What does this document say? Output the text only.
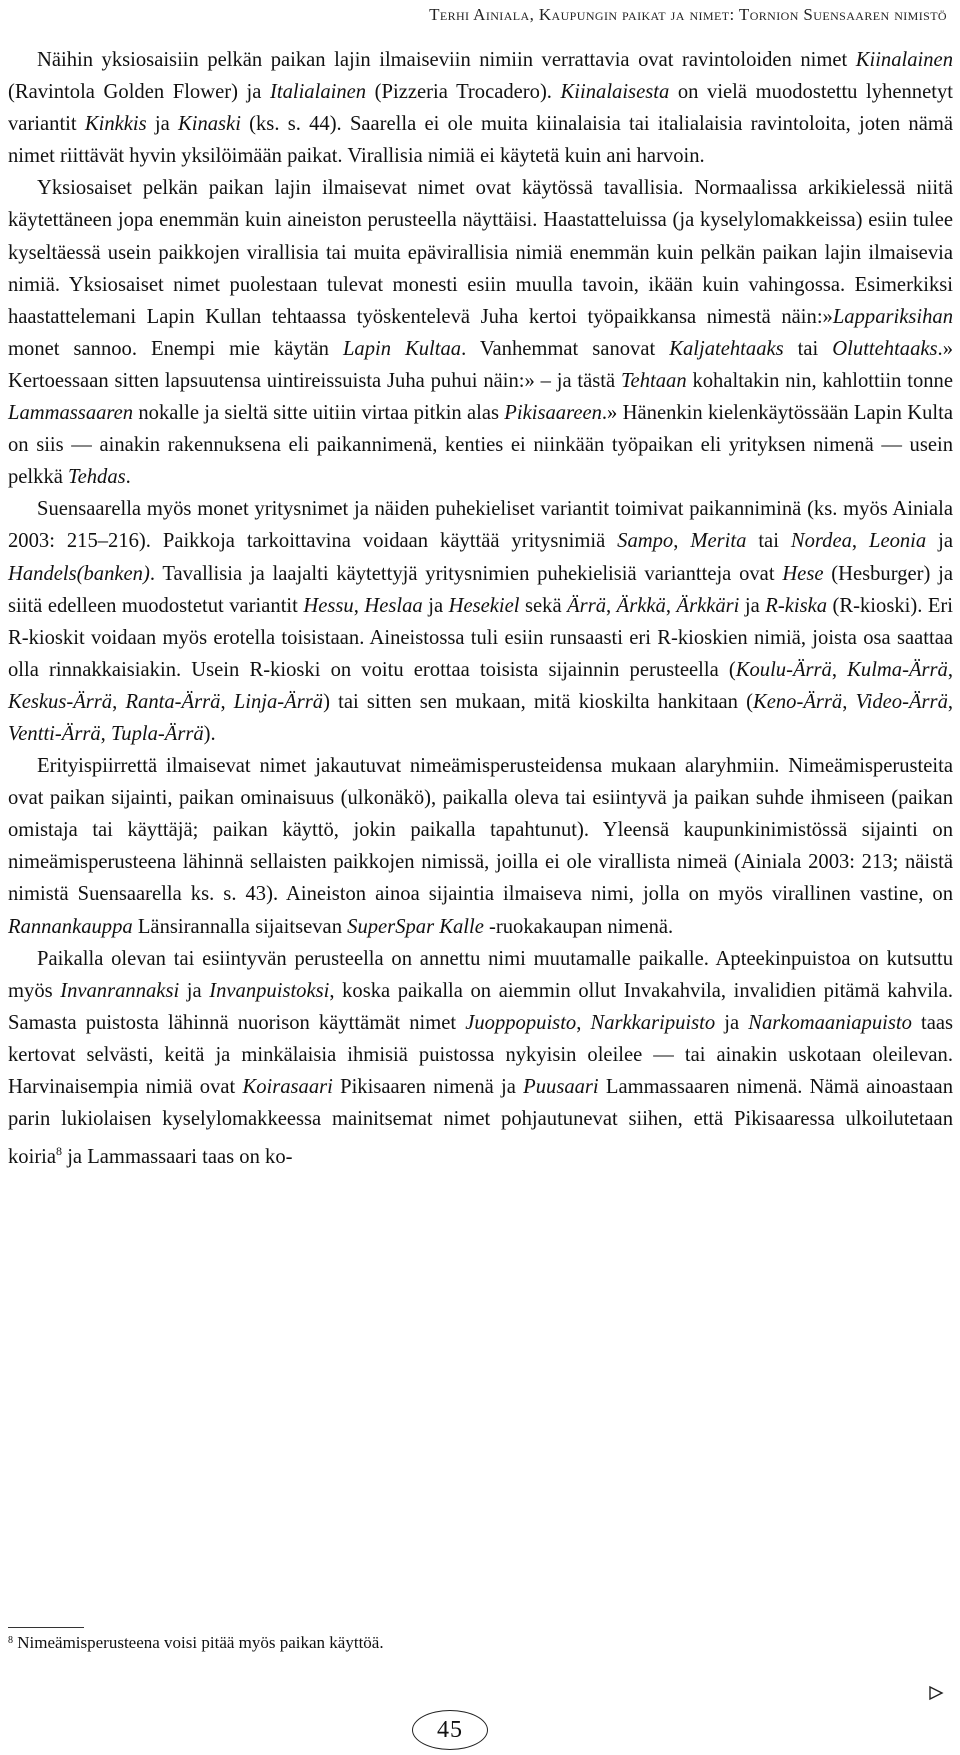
Terhi Ainiala, Kaupungin paikat ja nimet: Tornion Suensaaren nimistö

Näihin yksiosaisiin pelkän paikan lajin ilmaiseviin nimiin verrattavia ovat ravintoloiden nimet Kiinalainen (Ravintola Golden Flower) ja Italialainen (Pizzeria Trocadero). Kiinalaisesta on vielä muodostettu lyhennetyt variantit Kinkkis ja Kinaski (ks. s. 44). Saarella ei ole muita kiinalaisia tai italialaisia ravintoloita, joten nämä nimet riittävät hyvin yksilöimään paikat. Virallisia nimiä ei käytetä kuin ani harvoin.

Yksiosaiset pelkän paikan lajin ilmaisevat nimet ovat käytössä tavallisia. Normaalissa arkikielessä niitä käytettäneen jopa enemmän kuin aineiston perusteella näyttäisi. Haastatteluissa (ja kyselylomakkeissa) esiin tulee kyseltäessä usein paikkojen virallisia tai muita epävirallisia nimiä enemmän kuin pelkän paikan lajin ilmaisevia nimiä. Yksiosaiset nimet puolestaan tulevat monesti esiin muulla tavoin, ikään kuin vahingossa. Esimerkiksi haastattelemani Lapin Kullan tehtaassa työskentelevä Juha kertoi työpaikkansa nimestä näin:»Lappariksihan monet sannoo. Enempi mie käytän Lapin Kultaa. Vanhemmat sanovat Kaljatehtaaks tai Oluttehtaaks.» Kertoessaan sitten lapsuutensa uintireissuista Juha puhui näin:» – ja tästä Tehtaan kohaltakin nin, kahlottiin tonne Lammassaaren nokalle ja sieltä sitte uitiin virtaa pitkin alas Pikisaareen.» Hänenkin kielenkäytössään Lapin Kulta on siis — ainakin rakennuksena eli paikannimenä, kenties ei niinkään työpaikan eli yrityksen nimenä — usein pelkkä Tehdas.

Suensaarella myös monet yritysnimet ja näiden puhekieliset variantit toimivat paikanniminä (ks. myös Ainiala 2003: 215–216). Paikkoja tarkoittavina voidaan käyttää yritysnimiä Sampo, Merita tai Nordea, Leonia ja Handels(banken). Tavallisia ja laajalti käytettyjä yritysnimien puhekielisiä variantteja ovat Hese (Hesburger) ja siitä edelleen muodostetut variantit Hessu, Heslaa ja Hesekiel sekä Ärrä, Ärkkä, Ärkkäri ja R-kiska (R-kioski). Eri R-kioskit voidaan myös erotella toisistaan. Aineistossa tuli esiin runsaasti eri R-kioskien nimiä, joista osa saattaa olla rinnakkaisiakin. Usein R-kioski on voitu erottaa toisista sijainnin perusteella (Koulu-Ärrä, Kulma-Ärrä, Keskus-Ärrä, Ranta-Ärrä, Linja-Ärrä) tai sitten sen mukaan, mitä kioskilta hankitaan (Keno-Ärrä, Video-Ärrä, Ventti-Ärrä, Tupla-Ärrä).

Erityispiirrettä ilmaisevat nimet jakautuvat nimeämisperusteidensa mukaan alaryhmiin. Nimeämisperusteita ovat paikan sijainti, paikan ominaisuus (ulkonäkö), paikalla oleva tai esiintyvä ja paikan suhde ihmiseen (paikan omistaja tai käyttäjä; paikan käyttö, jokin paikalla tapahtunut). Yleensä kaupunkinimistössä sijainti on nimeämisperusteena lähinnä sellaisten paikkojen nimissä, joilla ei ole virallista nimeä (Ainiala 2003: 213; näistä nimistä Suensaarella ks. s. 43). Aineiston ainoa sijaintia ilmaiseva nimi, jolla on myös virallinen vastine, on Rannankauppa Länsirannalla sijaitsevan SuperSpar Kalle -ruokakaupan nimenä.

Paikalla olevan tai esiintyvän perusteella on annettu nimi muutamalle paikalle. Apteekinpuistoa on kutsuttu myös Invanrannaksi ja Invanpuistoksi, koska paikalla on aiemmin ollut Invakahvila, invalidien pitämä kahvila. Samasta puistosta lähinnä nuorison käyttämät nimet Juoppopuisto, Narkkaripuisto ja Narkomaaniapuisto taas kertovat selvästi, keitä ja minkälaisia ihmisiä puistossa nykyisin oleilee — tai ainakin uskotaan oleilevan. Harvinaisempia nimiä ovat Koirasaari Pikisaaren nimenä ja Puusaari Lammassaaren nimenä. Nämä ainoastaan parin lukiolaisen kyselylomakkeessa mainitsemat nimet pohjautunevat siihen, että Pikisaaressa ulkoilutetaan koiria$^8$ ja Lammassaari taas on ko-

$^8$ Nimeämisperusteena voisi pitää myös paikan käyttöä.
45
